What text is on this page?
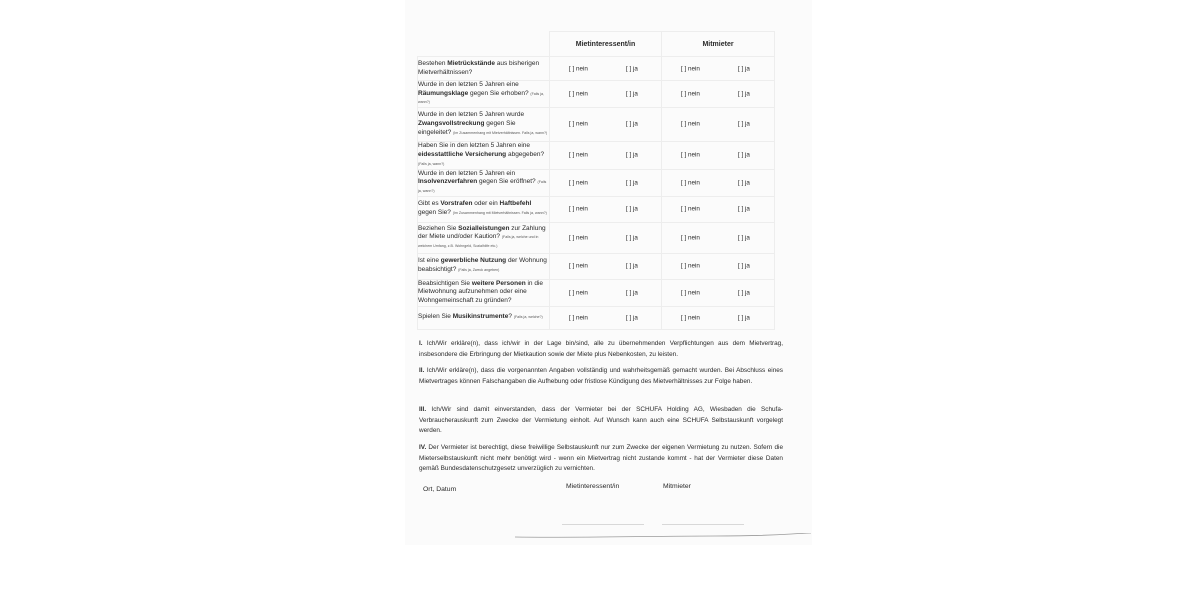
	Mietinteressent/in	Mitmieter
Bestehen Mietrückstände aus bisherigen Mietverhältnissen?	[ ] nein [ ] ja	[ ] nein [ ] ja

Wurde in den letzten 5 Jahren eine Räumungsklage gegen Sie erhoben? (Falls ja, wann?)	[ ] nein [ ] ja	[ ] nein [ ] ja

Wurde in den letzten 5 Jahren wurde Zwangsvollstreckung gegen Sie eingeleitet? (Im Zusammenhang mit Mietverhältnissen. Falls ja, wann?)	[ ] nein [ ] ja	[ ] nein [ ] ja

Haben Sie in den letzten 5 Jahren eine eidesstattliche Versicherung abgegeben? (Falls ja, wann?)	[ ] nein [ ] ja	[ ] nein [ ] ja

Wurde in den letzten 5 Jahren ein Insolvenzverfahren gegen Sie eröffnet? (Falls ja, wann?)	[ ] nein [ ] ja	[ ] nein [ ] ja

Gibt es Vorstrafen oder ein Haftbefehl gegen Sie? (Im Zusammenhang mit Mietverhältnissen. Falls ja, wann?)	[ ] nein [ ] ja	[ ] nein [ ] ja

Beziehen Sie Sozialleistungen zur Zahlung der Miete und/oder Kaution? (Falls ja, welche und in welchem Umfang, z.B. Wohngeld, Sozialhilfe etc.)	[ ] nein [ ] ja	[ ] nein [ ] ja

Ist eine gewerbliche Nutzung der Wohnung beabsichtigt? (Falls ja, Zweck angeben)	[ ] nein [ ] ja	[ ] nein [ ] ja

Beabsichtigen Sie weitere Personen in die Mietwohnung aufzunehmen oder eine Wohngemeinschaft zu gründen?	[ ] nein [ ] ja	[ ] nein [ ] ja

Spielen Sie Musikinstrumente? (Falls ja, welche?)	[ ] nein [ ] ja	[ ] nein [ ] ja
Ort, Datum	Mietinteressent/in	Mitmieter
I. Ich/Wir erkläre(n), dass ich/wir in der Lage bin/sind, alle zu übernehmenden Verpflichtungen aus dem Mietvertrag, insbesondere die Erbringung der Mietkaution sowie der Miete plus Nebenkosten, zu leisten.
II. Ich/Wir erkläre(n), dass die vorgenannten Angaben vollständig und wahrheitsgemäß gemacht wurden. Bei Abschluss eines Mietvertrages können Falschangaben die Aufhebung oder fristlose Kündigung des Mietverhältnisses zur Folge haben.
III. Ich/Wir sind damit einverstanden, dass der Vermieter bei der SCHUFA Holding AG, Wiesbaden die Schufa-Verbraucherauskunft zum Zwecke der Vermietung einholt. Auf Wunsch kann auch eine SCHUFA Selbstauskunft vorgelegt werden.
IV. Der Vermieter ist berechtigt, diese freiwillige Selbstauskunft nur zum Zwecke der eigenen Vermietung zu nutzen. Sofern die Mieterselbstauskunft nicht mehr benötigt wird - wenn ein Mietvertrag nicht zustande kommt - hat der Vermieter diese Daten gemäß Bundesdatenschutzgesetz unverzüglich zu vernichten.
